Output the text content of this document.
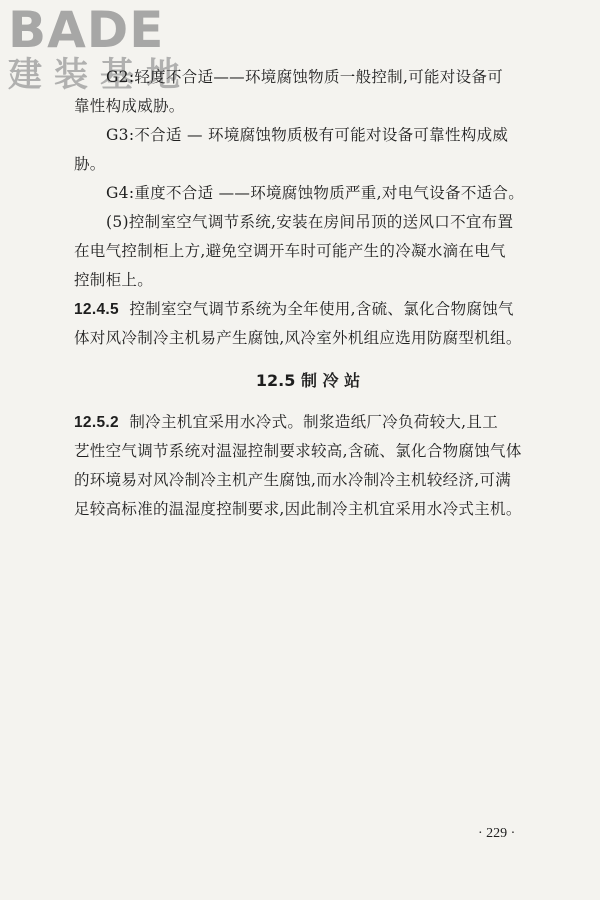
BADE
建装基地
G2:轻度不合适——环境腐蚀物质一般控制,可能对设备可
靠性构成威胁。
G3:不合适 — 环境腐蚀物质极有可能对设备可靠性构成威
胁。
G4:重度不合适 ——环境腐蚀物质严重,对电气设备不适合。
(5)控制室空气调节系统,安装在房间吊顶的送风口不宜布置
在电气控制柜上方,避免空调开车时可能产生的冷凝水滴在电气
控制柜上。
12.4.5 控制室空气调节系统为全年使用,含硫、氯化合物腐蚀气
体对风冷制冷主机易产生腐蚀,风冷室外机组应选用防腐型机组。
12.5 制 冷 站
12.5.2 制冷主机宜采用水冷式。制浆造纸厂冷负荷较大,且工
艺性空气调节系统对温湿控制要求较高,含硫、氯化合物腐蚀气体
的环境易对风冷制冷主机产生腐蚀,而水冷制冷主机较经济,可满
足较高标准的温湿度控制要求,因此制冷主机宜采用水冷式主机。
· 229 ·
